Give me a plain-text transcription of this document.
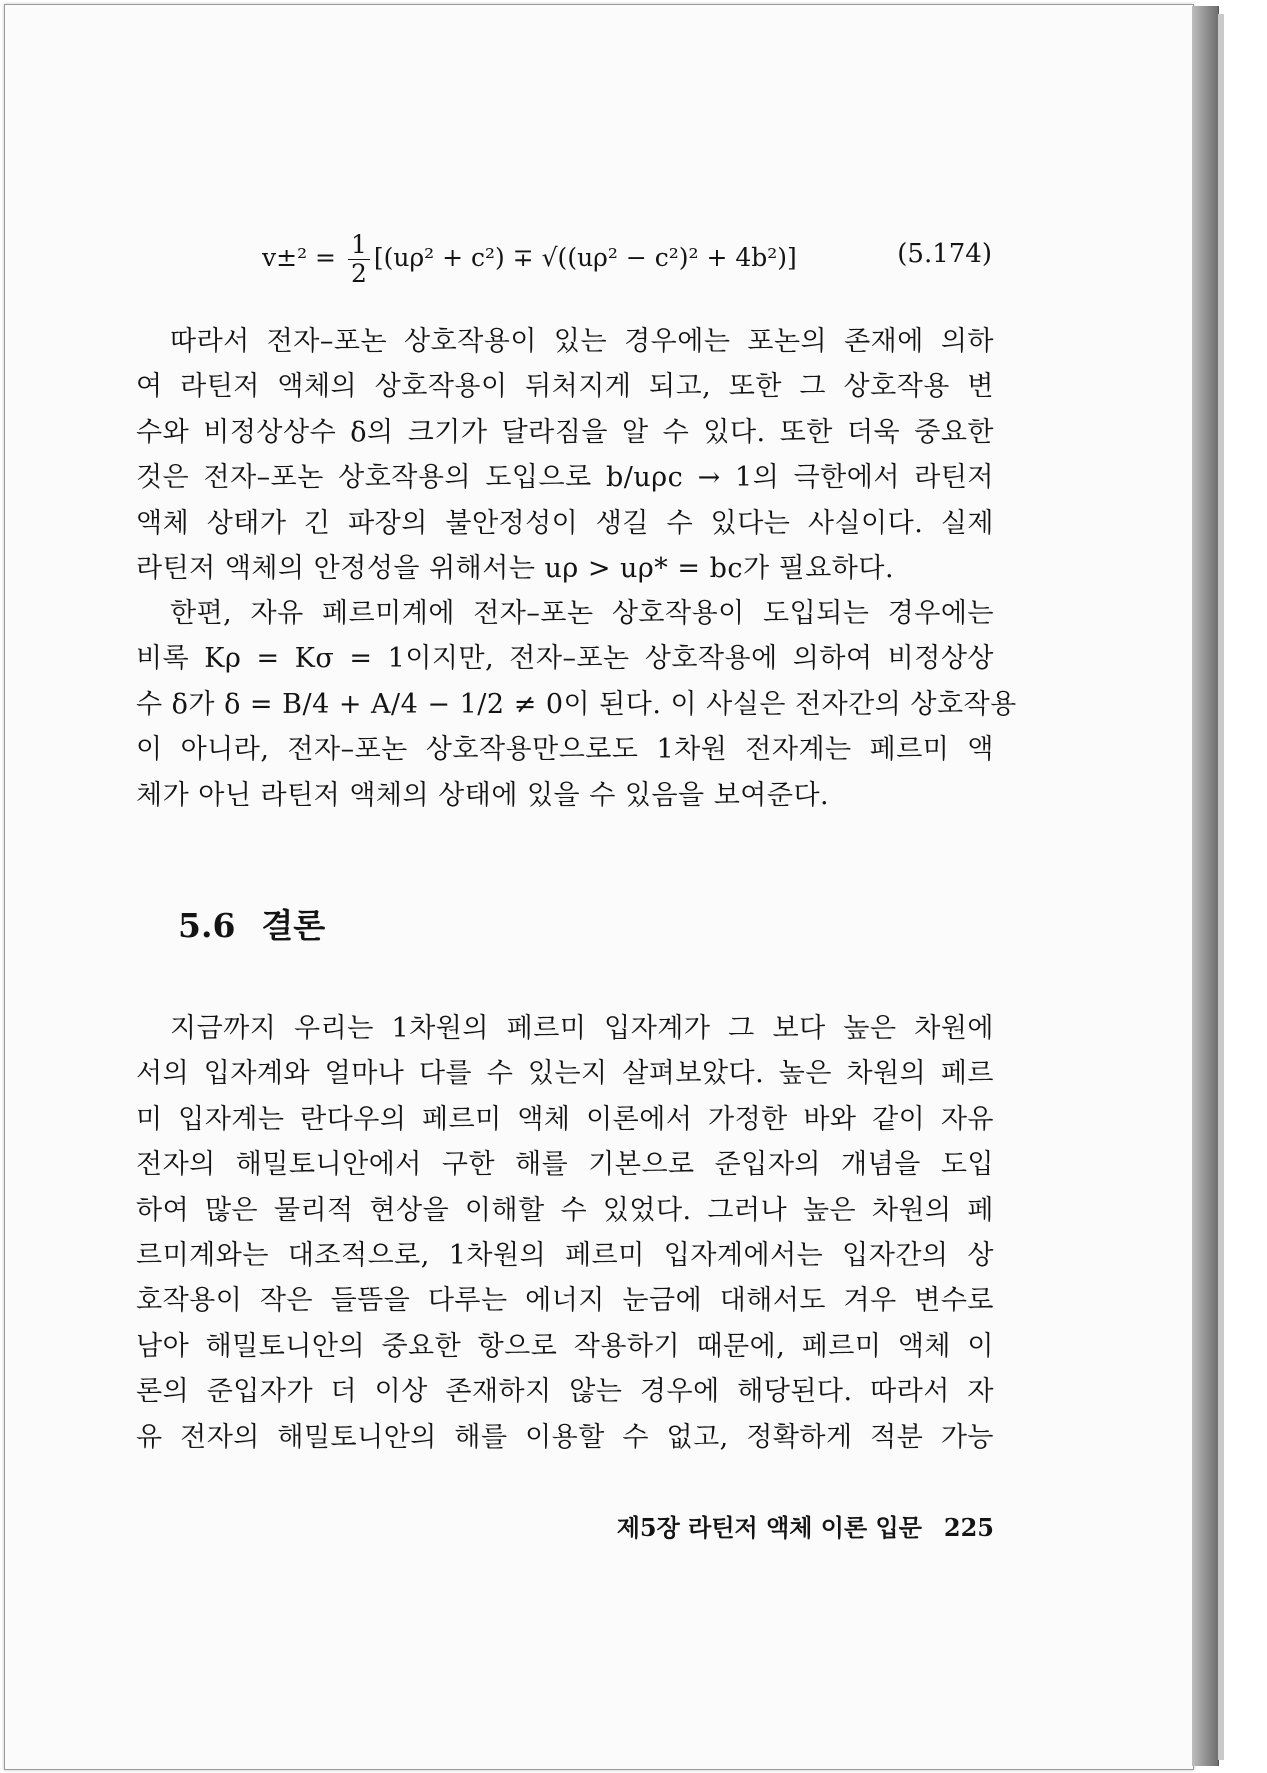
$v\pm^2 = \frac{1}{2} [(u\rho^2 + c^2) \mp √((u\rho^2 - c^2)^2 + 4b^2)]$	(5.174)
따라서 전자–포논 상호작용이 있는 경우에는 포논의 존재에 의하
여 라틴저 액체의 상호작용이 뒤처지게 되고, 또한 그 상호작용 변
수와 비정상상수 δ의 크기가 달라짐을 알 수 있다. 또한 더욱 중요한
것은 전자–포논 상호작용의 도입으로 b/uρc → 1의 극한에서 라틴저
액체 상태가 긴 파장의 불안정성이 생길 수 있다는 사실이다. 실제
라틴저 액체의 안정성을 위해서는 uρ > uρ* = bc가 필요하다.
한편, 자유 페르미계에 전자–포논 상호작용이 도입되는 경우에는
비록 Kρ = Kσ = 1이지만, 전자–포논 상호작용에 의하여 비정상상
수 δ가 δ = B/4 + A/4 − 1/2 ≠ 0이 된다. 이 사실은 전자간의 상호작용
이 아니라, 전자–포논 상호작용만으로도 1차원 전자계는 페르미 액
체가 아닌 라틴저 액체의 상태에 있을 수 있음을 보여준다.
5.6 결론
지금까지 우리는 1차원의 페르미 입자계가 그 보다 높은 차원에
서의 입자계와 얼마나 다를 수 있는지 살펴보았다. 높은 차원의 페르
미 입자계는 란다우의 페르미 액체 이론에서 가정한 바와 같이 자유
전자의 해밀토니안에서 구한 해를 기본으로 준입자의 개념을 도입
하여 많은 물리적 현상을 이해할 수 있었다. 그러나 높은 차원의 페
르미계와는 대조적으로, 1차원의 페르미 입자계에서는 입자간의 상
호작용이 작은 들뜸을 다루는 에너지 눈금에 대해서도 겨우 변수로
남아 해밀토니안의 중요한 항으로 작용하기 때문에, 페르미 액체 이
론의 준입자가 더 이상 존재하지 않는 경우에 해당된다. 따라서 자
유 전자의 해밀토니안의 해를 이용할 수 없고, 정확하게 적분 가능
제5장 라틴저 액체 이론 입문 225
